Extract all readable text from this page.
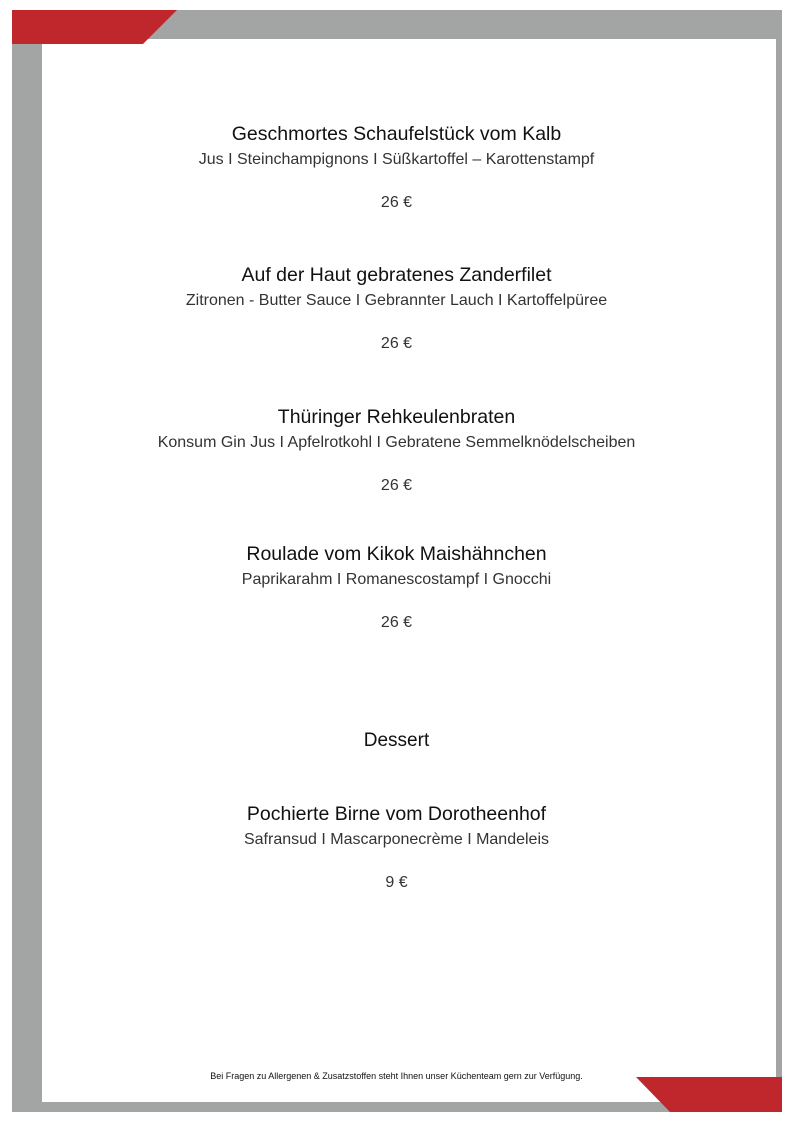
Geschmortes Schaufelstück vom Kalb
Jus I Steinchampignons I Süßkartoffel – Karottenstampf
26 €
Auf der Haut gebratenes Zanderfilet
Zitronen - Butter Sauce I Gebrannter Lauch I Kartoffelpüree
26 €
Thüringer Rehkeulenbraten
Konsum Gin Jus I Apfelrotkohl I Gebratene Semmelknödelscheiben
26 €
Roulade vom Kikok Maishähnchen
Paprikarahm I Romanescostampf I Gnocchi
26 €
Dessert
Pochierte Birne vom Dorotheenhof
Safransud I Mascarponecrème I Mandeleis
9 €
Bei Fragen zu Allergenen & Zusatzstoffen steht Ihnen unser Küchenteam gern zur Verfügung.
